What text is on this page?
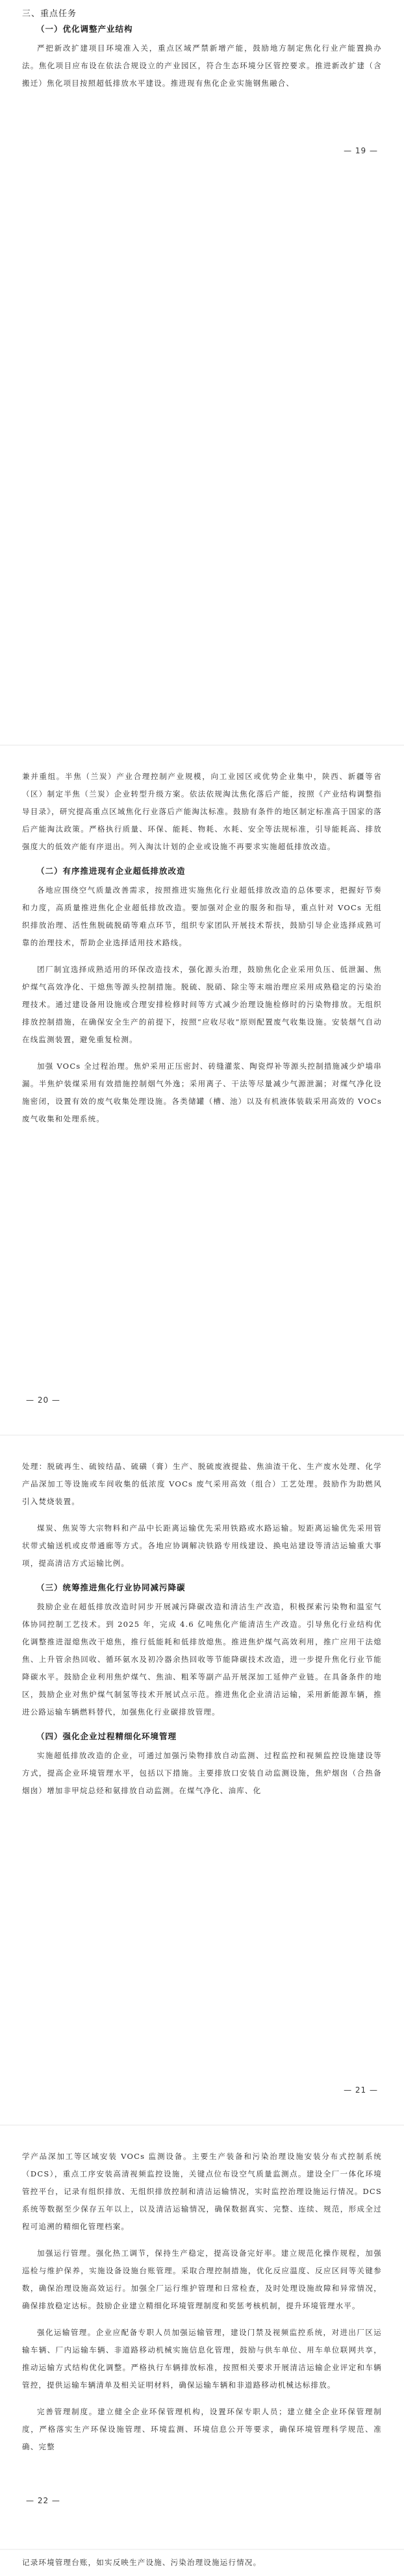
三、重点任务
（一）优化调整产业结构

严把新改扩建项目环境准入关，重点区域严禁新增产能，鼓励地方制定焦化行业产能置换办法。焦化项目应布设在依法合规设立的产业园区，符合生态环境分区管控要求。推进新改扩建（含搬迁）焦化项目按照超低排放水平建设。推进现有焦化企业实施钢焦融合、

— 19 —

兼并重组。半焦（兰炭）产业合理控制产业规模，向工业园区或优势企业集中，陕西、新疆等省（区）制定半焦（兰炭）企业转型升级方案。依法依规淘汰焦化落后产能，按照《产业结构调整指导目录》，研究提高重点区域焦化行业落后产能淘汰标准。鼓励有条件的地区制定标准高于国家的落后产能淘汰政策。严格执行质量、环保、能耗、物耗、水耗、安全等法规标准，引导能耗高、排放强度大的低效产能有序退出。列入淘汰计划的企业或设施不再要求实施超低排放改造。

（二）有序推进现有企业超低排放改造

各地应围绕空气质量改善需求，按照推进实施焦化行业超低排放改造的总体要求，把握好节奏和力度，高质量推进焦化企业超低排放改造。要加强对企业的服务和指导，重点针对 VOCs 无组织排放治理、活性焦脱硫脱硝等难点环节，组织专家团队开展技术帮扶，鼓励引导企业选择成熟可靠的治理技术，帮助企业选择适用技术路线。

团厂制宜选择成熟适用的环保改造技术，强化源头治理，鼓励焦化企业采用负压、低泄漏、焦炉煤气高效净化、干熄焦等源头控制措施。脱硫、脱硝、除尘等末端治理应采用成熟稳定的污染治理技术。通过建设备用设施或合理安排检修时间等方式减少治理设施检修时的污染物排放。无组织排放控制措施，在确保安全生产的前提下，按照“应收尽收”原则配置废气收集设施。安装烟气自动在线监测装置，避免重复检测。

加强 VOCs 全过程治理。焦炉采用正压密封、砖缝灌浆、陶瓷焊补等源头控制措施减少炉墙串漏。半焦炉装煤采用有效措施控制烟气外逸；采用离子、干法等尽量减少气源泄漏；对煤气净化设施密闭，设置有效的废气收集处理设施。各类储罐（槽、池）以及有机液体装载采用高效的 VOCs 废气收集和处理系统。

— 20 —

处理：脱硫再生、硫铵结晶、硫磺（膏）生产、脱硫废液提盐、焦油渣干化、生产废水处理、化学产品深加工等设施或车间收集的低浓度 VOCs 废气采用高效（组合）工艺处理。鼓励作为助燃风引入焚烧装置。

煤炭、焦炭等大宗物料和产品中长距离运输优先采用铁路或水路运输。短距离运输优先采用管状带式输送机或皮带通廊等方式。各地应协调解决铁路专用线建设、换电站建设等清洁运输重大事项，提高清洁方式运输比例。

（三）统筹推进焦化行业协同减污降碳

鼓励企业在超低排放改造时同步开展减污降碳改造和清洁生产改造，积极探索污染物和温室气体协同控制工艺技术。到 2025 年，完成 4.6 亿吨焦化产能清洁生产改造。引导焦化行业结构优化调整推进湿熄焦改干熄焦，推行低能耗和低排放熄焦。推进焦炉煤气高效利用，推广应用干法熄焦、上升管余热回收、循环氨水及初冷器余热回收等节能降碳技术改造，进一步提升焦化行业节能降碳水平。鼓励企业利用焦炉煤气、焦油、粗苯等副产品开展深加工延伸产业链。在具备条件的地区，鼓励企业对焦炉煤气制氢等技术开展试点示范。推进焦化企业清洁运输，采用新能源车辆，推进公路运输车辆燃料替代，加强焦化行业碳排放管理。

（四）强化企业过程精细化环境管理

实施超低排放改造的企业，可通过加强污染物排放自动监测、过程监控和视频监控设施建设等方式，提高企业环境管理水平，包括以下措施。主要排放口安装自动监测设施，焦炉烟囱（合热备烟囱）增加非甲烷总烃和氨排放自动监测。在煤气净化、油库、化

— 21 —

学产品深加工等区域安装 VOCs 监测设备。主要生产装备和污染治理设施安装分布式控制系统（DCS），重点工序安装高清视频监控设施，关键点位布设空气质量监测点。建设全厂一体化环境管控平台，记录有组织排放、无组织排放控制和清洁运输情况，实时监控治理设施运行情况。DCS 系统等数据至少保存五年以上，以及清洁运输情况，确保数据真实、完整、连续、规范，形成全过程可追溯的精细化管理档案。

加强运行管理。强化热工调节，保持生产稳定，提高设备完好率。建立规范化操作规程，加强巡检与维护保养，实施设备设施台账管理。采取合理控制措施，优化反应温度、反应区间等关键参数，确保治理设施高效运行。加强全厂运行维护管理和日常检查，及时处理设施故障和异常情况，确保排放稳定达标。鼓励企业建立精细化环境管理制度和奖惩考核机制，提升环境管理水平。

强化运输管理。企业应配备专职人员加强运输管理，建设门禁及视频监控系统，对进出厂区运输车辆、厂内运输车辆、非道路移动机械实施信息化管理，鼓励与供车单位、用车单位联网共享，推动运输方式结构优化调整。严格执行车辆排放标准，按照相关要求开展清洁运输企业评定和车辆管控，提供运输车辆清单及相关证明材料，确保运输车辆和非道路移动机械达标排放。

完善管理制度。建立健全企业环保管理机构，设置环保专职人员；建立健全企业环保管理制度，严格落实生产环保设施管理、环境监测、环境信息公开等要求，确保环境管理科学规范、准确、完整

— 22 —

记录环境管理台账，如实反映生产设施、污染治理设施运行情况。
